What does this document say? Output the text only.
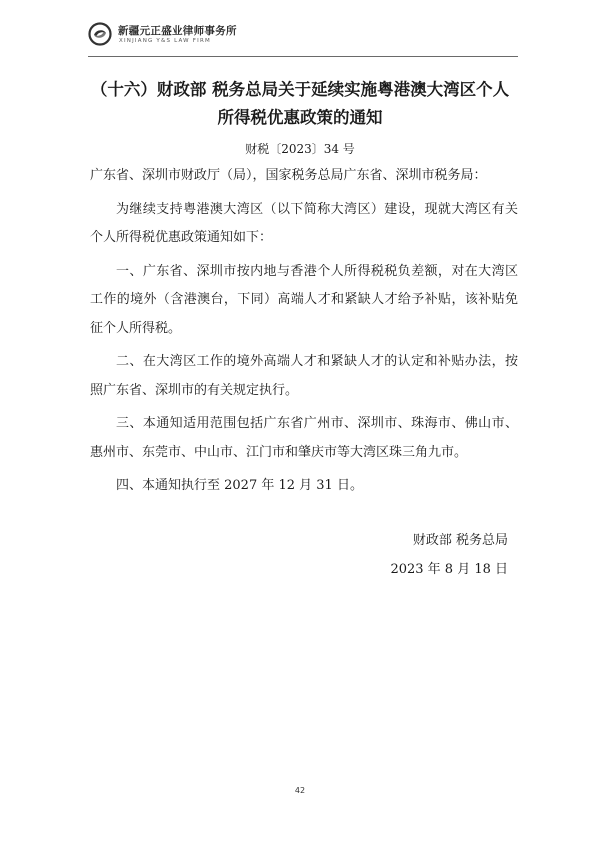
新疆元正盛业律师事务所
XINJIANG Y&S LAW FIRM
（十六）财政部 税务总局关于延续实施粤港澳大湾区个人
所得税优惠政策的通知
财税〔2023〕34 号

广东省、深圳市财政厅（局），国家税务总局广东省、深圳市税务局：

为继续支持粤港澳大湾区（以下简称大湾区）建设，现就大湾区有关个人所得税优惠政策通知如下：

一、广东省、深圳市按内地与香港个人所得税税负差额，对在大湾区工作的境外（含港澳台，下同）高端人才和紧缺人才给予补贴，该补贴免征个人所得税。

二、在大湾区工作的境外高端人才和紧缺人才的认定和补贴办法，按照广东省、深圳市的有关规定执行。

三、本通知适用范围包括广东省广州市、深圳市、珠海市、佛山市、惠州市、东莞市、中山市、江门市和肇庆市等大湾区珠三角九市。

四、本通知执行至 2027 年 12 月 31 日。

财政部 税务总局
2023 年 8 月 18 日
42
